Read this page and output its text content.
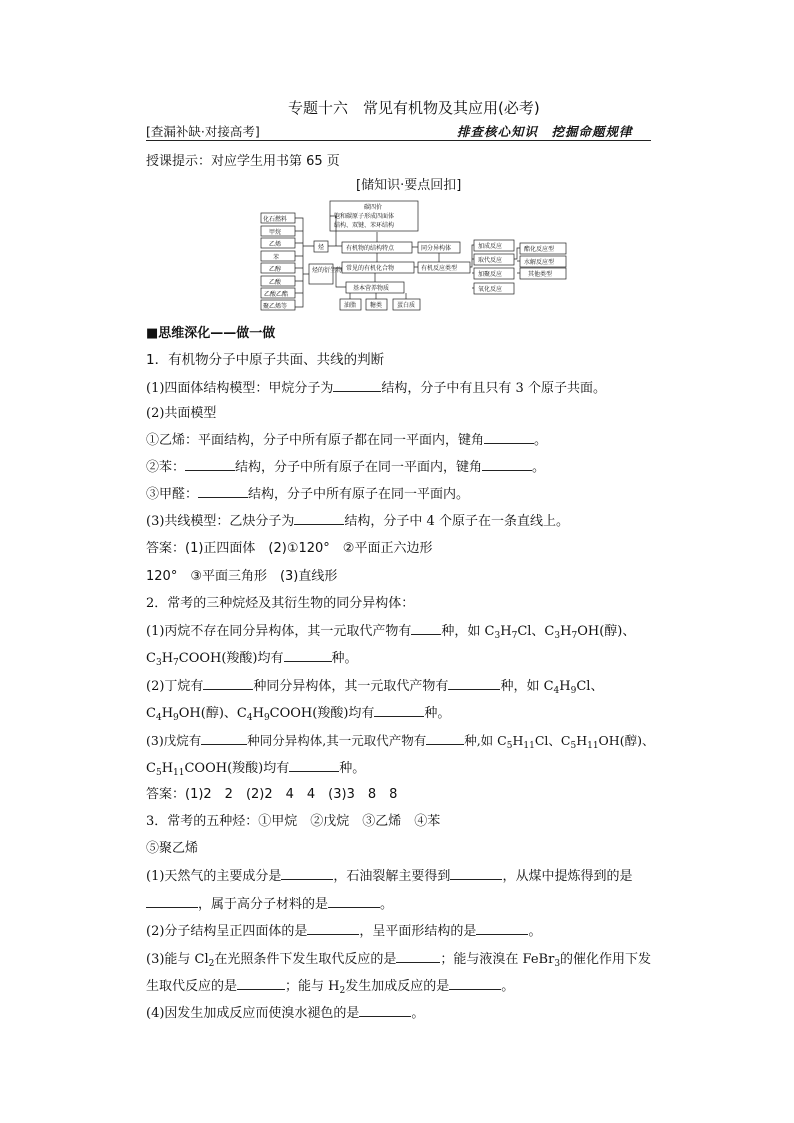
专题十六　常见有机物及其应用(必考)
[查漏补缺·对接高考]	排查核心知识　挖掘命题规律
授课提示：对应学生用书第 65 页
[储知识·要点回扣]
化石燃料
甲烷
乙烯
苯
乙醇
乙酸
乙酸乙酯
聚乙烯等
烃
烃的衍生物
碳四价
饱和碳原子形成四面体
结构、双键、苯环结构
有机物的结构特点
常见的有机化合物
基本营养物质
油脂 糖类 蛋白质
同分异构体
有机反应类型
加成反应
取代反应
加聚反应
氧化反应
酯化反应型
水解反应型
其他类型
■思维深化——做一做
1．有机物分子中原子共面、共线的判断
(1)四面体结构模型：甲烷分子为	结构，分子中有且只有 3 个原子共面。
(2)共面模型
①乙烯：平面结构，分子中所有原子都在同一平面内，键角	。
②苯：	结构，分子中所有原子在同一平面内，键角	。
③甲醛：	结构，分子中所有原子在同一平面内。
(3)共线模型：乙炔分子为	结构，分子中 4 个原子在一条直线上。
答案：(1)正四面体　(2)①120°　②平面正六边形
120°　③平面三角形　(3)直线形
2．常考的三种烷烃及其衍生物的同分异构体：
(1)丙烷不存在同分异构体，其一元取代产物有 种，如 $C_3H_7Cl$、$C_3H_7OH$(醇)、
$C_3H_7COOH$(羧酸)均有	种。
(2)丁烷有	种同分异构体，其一元取代产物有	种，如 $C_4H_9Cl$、
$C_4H_9OH$(醇)、$C_4H_9COOH$(羧酸)均有	种。
(3)戊烷有	种同分异构体,其一元取代产物有	种,如 $C_5H_{11}Cl$、$C_5H_{11}OH$(醇)、
$C_5H_{11}COOH$(羧酸)均有	种。
答案：(1)2　2　(2)2　4　4　(3)3　8　8
3．常考的五种烃：①甲烷　②戊烷　③乙烯　④苯
⑤聚乙烯
(1)天然气的主要成分是	，石油裂解主要得到	，从煤中提炼得到的是
，属于高分子材料的是	。
(2)分子结构呈正四面体的是	，呈平面形结构的是	。
(3)能与 $Cl_2$在光照条件下发生取代反应的是	；能与液溴在 FeBr$_3$的催化作用下发
生取代反应的是	；能与 $H_2$发生加成反应的是	。
(4)因发生加成反应而使溴水褪色的是	。
